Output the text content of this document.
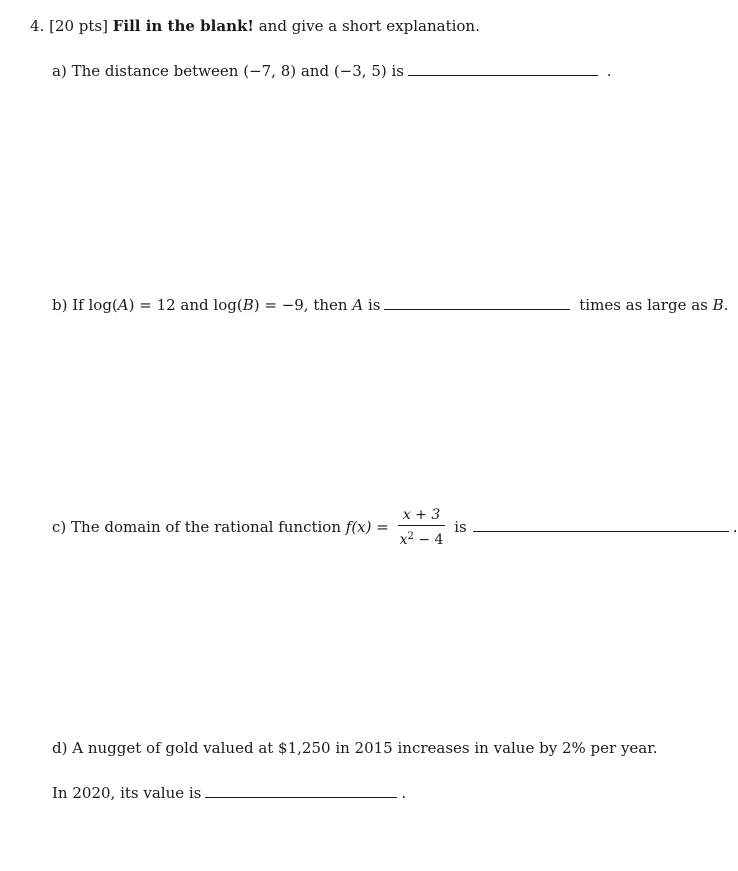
4. [20 pts] Fill in the blank! and give a short explanation.
a) The distance between (−7, 8) and (−3, 5) is	.
b) If log(A) = 12 and log(B) = −9, then A is	times as large as B.
c) The domain of the rational function $f(x) = \frac{x + 3}{x^2 - 4}$ is	.
d) A nugget of gold valued at $1,250 in 2015 increases in value by 2% per year.
In 2020, its value is	.
